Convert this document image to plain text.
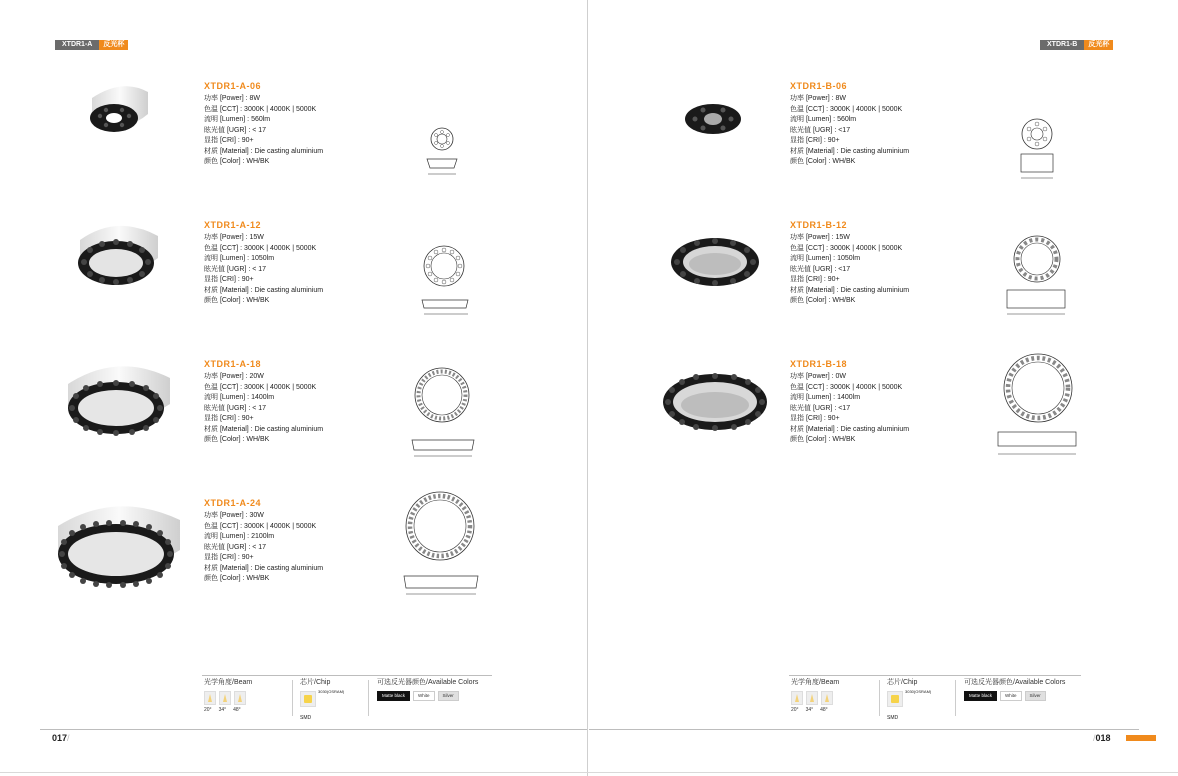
XTDR1-A	反光杯
XTDR1-A-06
功率 [Power] : 8W
色温 [CCT] : 3000K | 4000K | 5000K
流明 [Lumen] : 560lm
眩光值 [UGR] : < 17
显指 [CRI] : 90+
材质 [Material] : Die casting aluminium
颜色 [Color] : WH/BK
XTDR1-A-12
功率 [Power] : 15W
色温 [CCT] : 3000K | 4000K | 5000K
流明 [Lumen] : 1050lm
眩光值 [UGR] : < 17
显指 [CRI] : 90+
材质 [Material] : Die casting aluminium
颜色 [Color] : WH/BK
XTDR1-A-18
功率 [Power] : 20W
色温 [CCT] : 3000K | 4000K | 5000K
流明 [Lumen] : 1400lm
眩光值 [UGR] : < 17
显指 [CRI] : 90+
材质 [Material] : Die casting aluminium
颜色 [Color] : WH/BK
XTDR1-A-24
功率 [Power] : 30W
色温 [CCT] : 3000K | 4000K | 5000K
流明 [Lumen] : 2100lm
眩光值 [UGR] : < 17
显指 [CRI] : 90+
材质 [Material] : Die casting aluminium
颜色 [Color] : WH/BK
光学角度/Beam
20° 34° 48°
芯片/Chip
3030(OSRAM)
SMD
可选反光器颜色/Available Colors
Matte black	White	Silver
017/
XTDR1-B	反光杯
XTDR1-B-06
功率 [Power] : 8W
色温 [CCT] : 3000K | 4000K | 5000K
流明 [Lumen] : 560lm
眩光值 [UGR] : <17
显指 [CRI] : 90+
材质 [Material] : Die casting aluminium
颜色 [Color] : WH/BK
XTDR1-B-12
功率 [Power] : 15W
色温 [CCT] : 3000K | 4000K | 5000K
流明 [Lumen] : 1050lm
眩光值 [UGR] : <17
显指 [CRI] : 90+
材质 [Material] : Die casting aluminium
颜色 [Color] : WH/BK
XTDR1-B-18
功率 [Power] : 0W
色温 [CCT] : 3000K | 4000K | 5000K
流明 [Lumen] : 1400lm
眩光值 [UGR] : <17
显指 [CRI] : 90+
材质 [Material] : Die casting aluminium
颜色 [Color] : WH/BK
光学角度/Beam
20° 34° 48°
芯片/Chip
3030(OSRAM)
SMD
可选反光器颜色/Available Colors
Matte black	White	Silver
/018
